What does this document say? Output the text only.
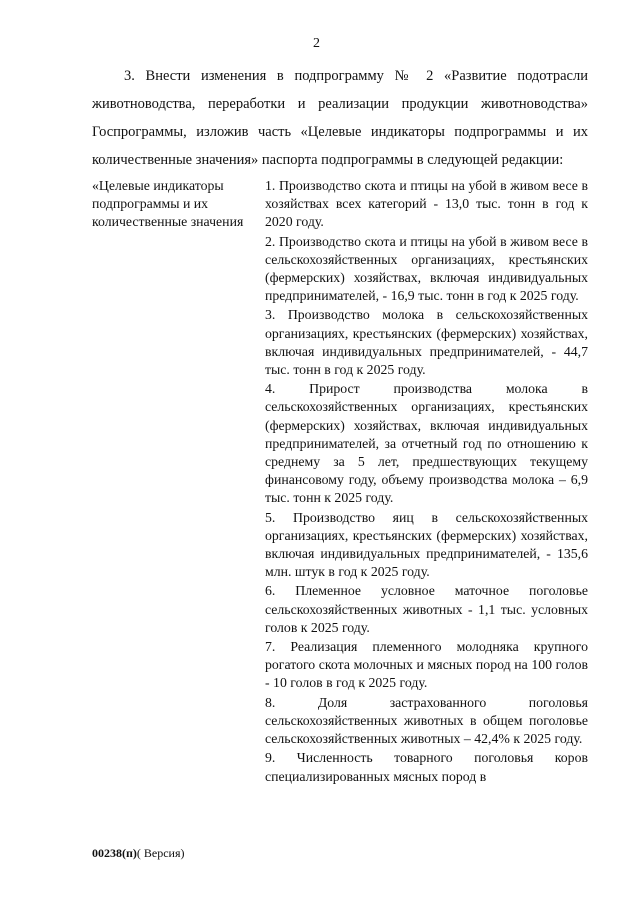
2

3. Внести изменения в подпрограмму № 2 «Развитие подотрасли животноводства, переработки и реализации продукции животноводства» Госпрограммы, изложив часть «Целевые индикаторы подпрограммы и их количественные значения» паспорта подпрограммы в следующей редакции:

«Целевые индикаторы подпрограммы и их количественные значения

1. Производство скота и птицы на убой в живом весе в хозяйствах всех категорий - 13,0 тыс. тонн в год к 2020 году.

2. Производство скота и птицы на убой в живом весе в сельскохозяйственных организациях, крестьянских (фермерских) хозяйствах, включая индивидуальных предпринимателей, - 16,9 тыс. тонн в год к 2025 году.

3. Производство молока в сельскохозяйственных организациях, крестьянских (фермерских) хозяйствах, включая индивидуальных предпринимателей, - 44,7 тыс. тонн в год к 2025 году.

4. Прирост производства молока в сельскохозяйственных организациях, крестьянских (фермерских) хозяйствах, включая индивидуальных предпринимателей, за отчетный год по отношению к среднему за 5 лет, предшествующих текущему финансовому году, объему производства молока – 6,9 тыс. тонн к 2025 году.

5. Производство яиц в сельскохозяйственных организациях, крестьянских (фермерских) хозяйствах, включая индивидуальных предпринимателей, - 135,6 млн. штук в год к 2025 году.

6. Племенное условное маточное поголовье сельскохозяйственных животных - 1,1 тыс. условных голов к 2025 году.

7. Реализация племенного молодняка крупного рогатого скота молочных и мясных пород на 100 голов - 10 голов в год к 2025 году.

8. Доля застрахованного поголовья сельскохозяйственных животных в общем поголовье сельскохозяйственных животных – 42,4% к 2025 году.

9. Численность товарного поголовья коров специализированных мясных пород в

00238(п)( Версия)
